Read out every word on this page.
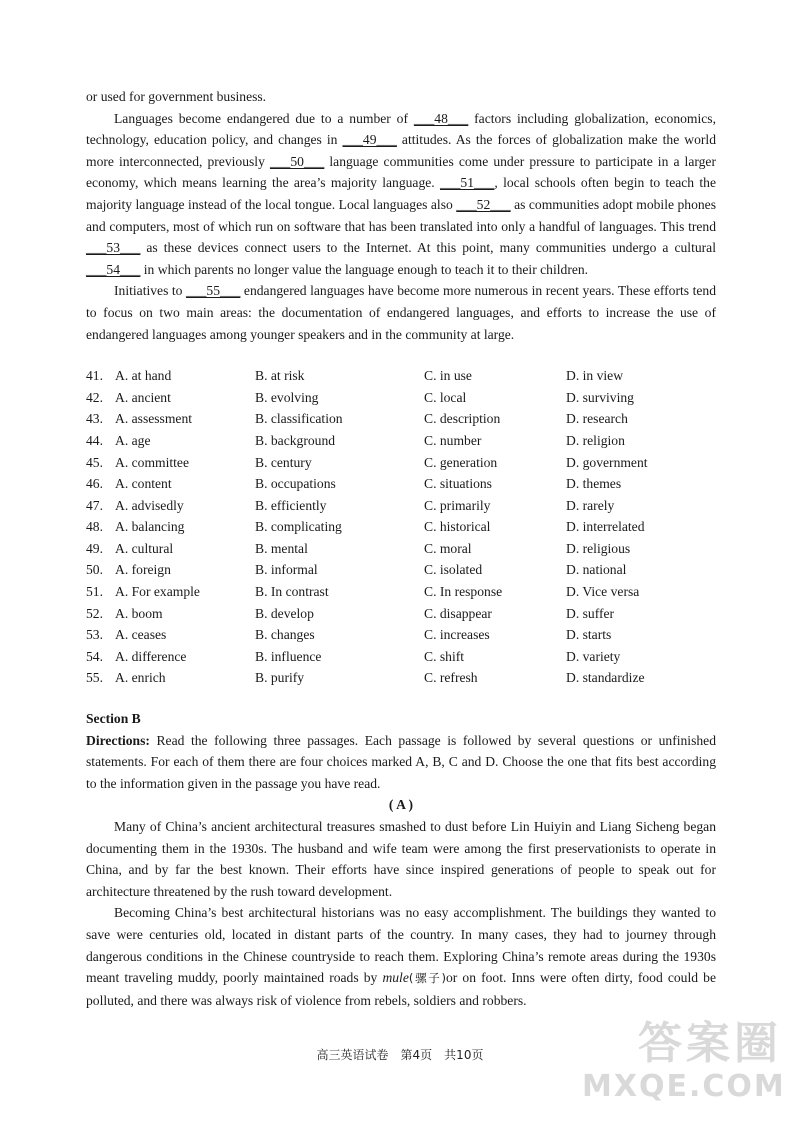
or used for government business.

Languages become endangered due to a number of ___48___ factors including globalization, economics, technology, education policy, and changes in ___49___ attitudes. As the forces of globalization make the world more interconnected, previously ___50___ language communities come under pressure to participate in a larger economy, which means learning the area’s majority language. ___51___, local schools often begin to teach the majority language instead of the local tongue. Local languages also ___52___ as communities adopt mobile phones and computers, most of which run on software that has been translated into only a handful of languages. This trend ___53___ as these devices connect users to the Internet. At this point, many communities undergo a cultural ___54___ in which parents no longer value the language enough to teach it to their children.

Initiatives to ___55___ endangered languages have become more numerous in recent years. These efforts tend to focus on two main areas: the documentation of endangered languages, and efforts to increase the use of endangered languages among younger speakers and in the community at large.

41. A. at hand	B. at risk	C. in use	D. in view
42. A. ancient	B. evolving	C. local	D. surviving
43. A. assessment	B. classification	C. description	D. research
44. A. age	B. background	C. number	D. religion
45. A. committee	B. century	C. generation	D. government
46. A. content	B. occupations	C. situations	D. themes
47. A. advisedly	B. efficiently	C. primarily	D. rarely
48. A. balancing	B. complicating	C. historical	D. interrelated
49. A. cultural	B. mental	C. moral	D. religious
50. A. foreign	B. informal	C. isolated	D. national
51. A. For example	B. In contrast	C. In response	D. Vice versa
52. A. boom	B. develop	C. disappear	D. suffer
53. A. ceases	B. changes	C. increases	D. starts
54. A. difference	B. influence	C. shift	D. variety
55. A. enrich	B. purify	C. refresh	D. standardize
Section B

Directions: Read the following three passages. Each passage is followed by several questions or unfinished statements. For each of them there are four choices marked A, B, C and D. Choose the one that fits best according to the information given in the passage you have read.

( A )

Many of China’s ancient architectural treasures smashed to dust before Lin Huiyin and Liang Sicheng began documenting them in the 1930s. The husband and wife team were among the first preservationists to operate in China, and by far the best known. Their efforts have since inspired generations of people to speak out for architecture threatened by the rush toward development.

Becoming China’s best architectural historians was no easy accomplishment. The buildings they wanted to save were centuries old, located in distant parts of the country. In many cases, they had to journey through dangerous conditions in the Chinese countryside to reach them. Exploring China’s remote areas during the 1930s meant traveling muddy, poorly maintained roads by mule(骡子)or on foot. Inns were often dirty, food could be polluted, and there was always risk of violence from rebels, soldiers and robbers.

高三英语试卷　第4页　共10页	答案圈
MXQE.COM
